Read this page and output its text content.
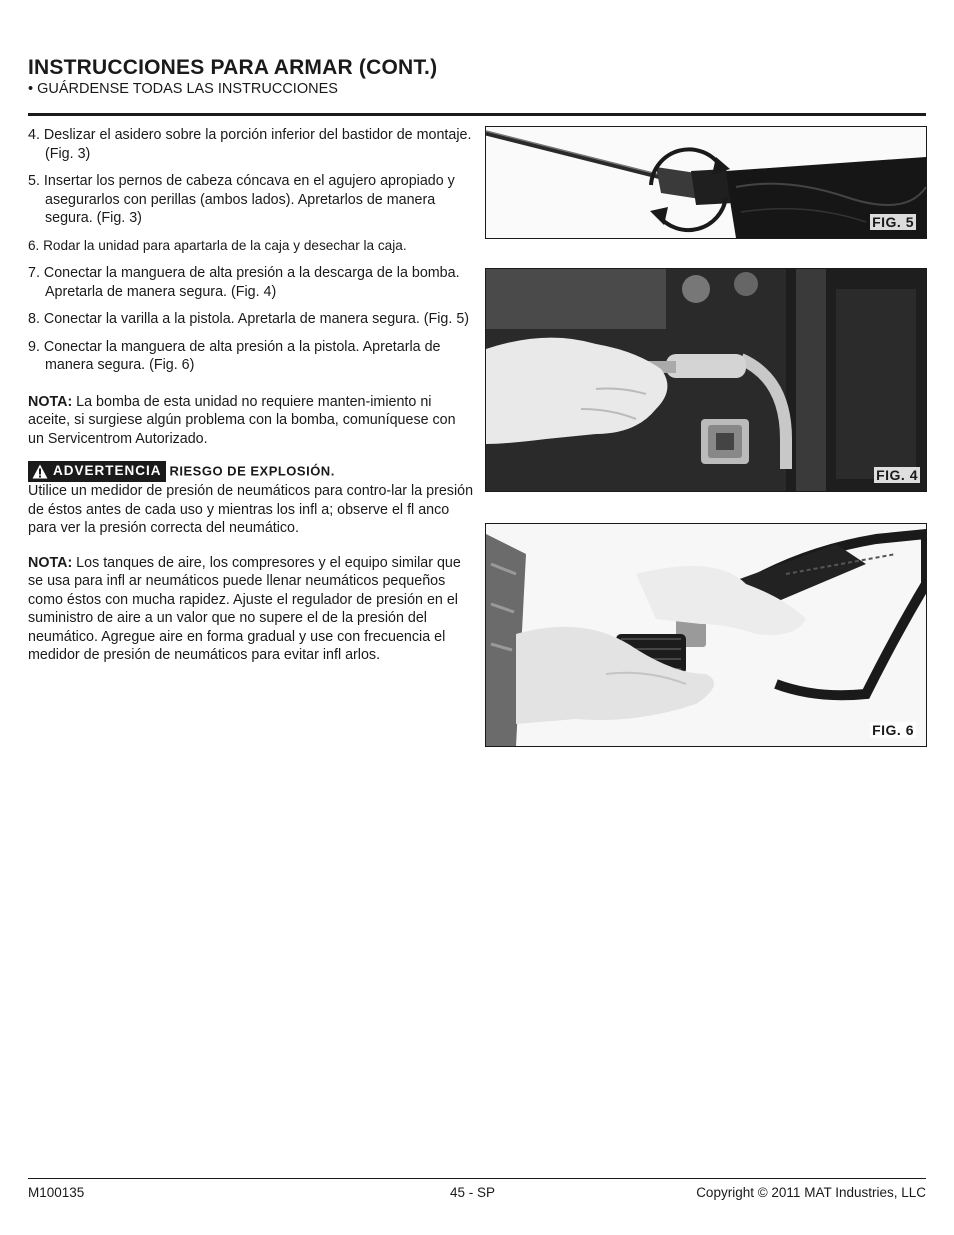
INSTRUCCIONES PARA ARMAR (CONT.)
• GUÁRDENSE TODAS LAS INSTRUCCIONES

4. Deslizar el asidero sobre la porción inferior del bastidor de montaje. (Fig. 3)

5. Insertar los pernos de cabeza cóncava en el agujero apropiado y asegurarlos con perillas (ambos lados). Apretarlos de manera segura. (Fig. 3)

6. Rodar la unidad para apartarla de la caja y desechar la caja.

7. Conectar la manguera de alta presión a la descarga de la bomba. Apretarla de manera segura. (Fig. 4)

8. Conectar la varilla a la pistola. Apretarla de manera segura. (Fig. 5)

9. Conectar la manguera de alta presión a la pistola. Apretarla de manera segura. (Fig. 6)

NOTA: La bomba de esta unidad no requiere manten-imiento ni aceite, si surgiese algún problema con la bomba, comuníquese con un Servicentrom Autorizado.

ADVERTENCIA RIESGO DE EXPLOSIÓN.

Utilice un medidor de presión de neumáticos para contro-lar la presión de éstos antes de cada uso y mientras los infl a; observe el fl anco para ver la presión correcta del neumático.

NOTA: Los tanques de aire, los compresores y el equipo similar que se usa para infl ar neumáticos puede llenar neumáticos pequeños como éstos con mucha rapidez. Ajuste el regulador de presión en el suministro de aire a un valor que no supere el de la presión del neumático. Agregue aire en forma gradual y use con frecuencia el medidor de presión de neumáticos para evitar infl arlos.

FIG. 5
FIG. 4
FIG. 6
M100135	45 - SP	Copyright © 2011 MAT Industries, LLC
